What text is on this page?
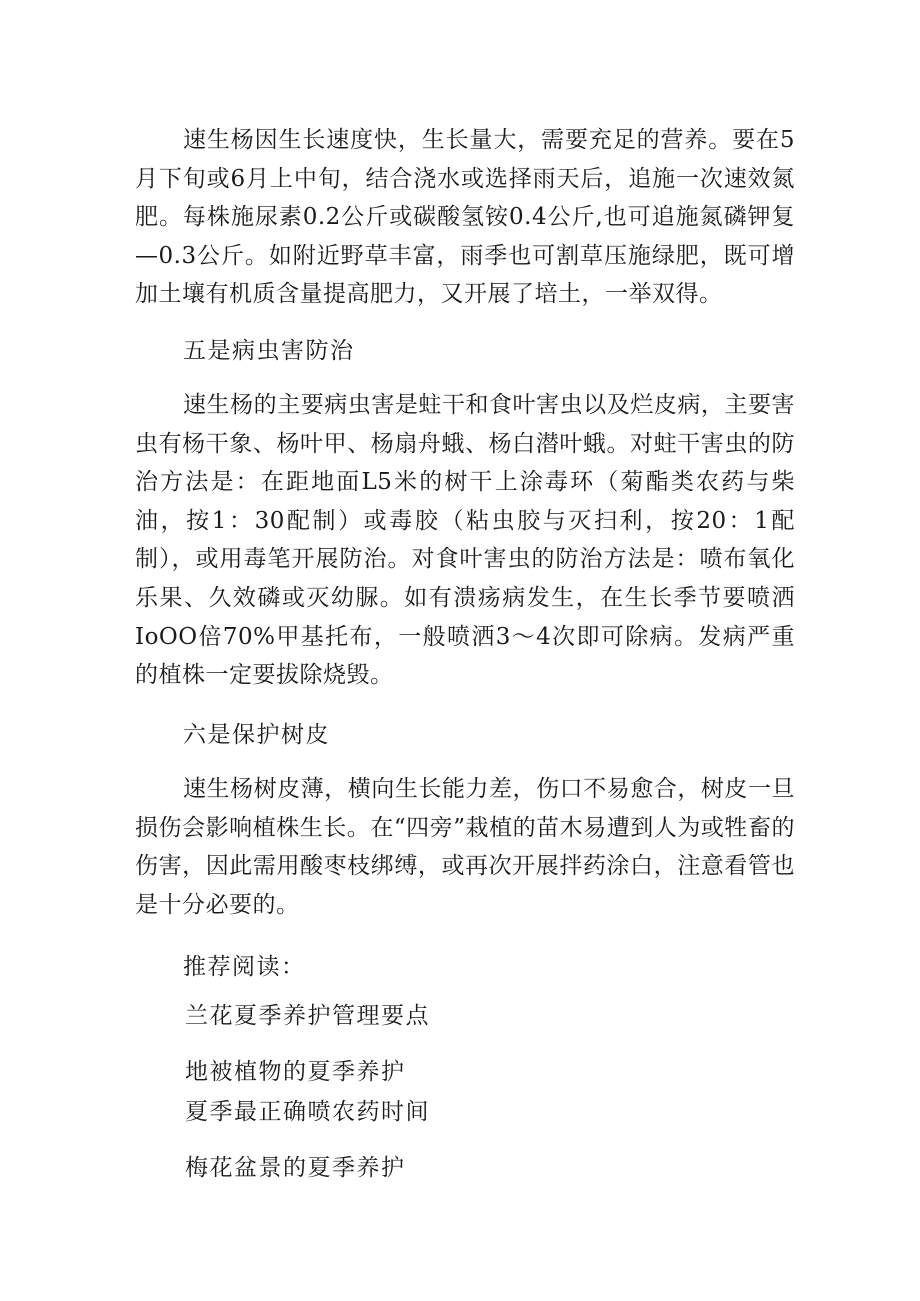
速生杨因生长速度快，生长量大，需要充足的营养。要在5月下旬或6月上中旬，结合浇水或选择雨天后，追施一次速效氮肥。每株施尿素0.2公斤或碳酸氢铵0.4公斤,也可追施氮磷钾复—0.3公斤。如附近野草丰富，雨季也可割草压施绿肥，既可增加土壤有机质含量提高肥力，又开展了培土，一举双得。

五是病虫害防治

速生杨的主要病虫害是蛀干和食叶害虫以及烂皮病，主要害虫有杨干象、杨叶甲、杨扇舟蛾、杨白潜叶蛾。对蛀干害虫的防治方法是：在距地面L5米的树干上涂毒环（菊酯类农药与柴油，按1：30配制）或毒胶（粘虫胶与灭扫利，按20：1配制），或用毒笔开展防治。对食叶害虫的防治方法是：喷布氧化乐果、久效磷或灭幼脲。如有溃疡病发生，在生长季节要喷洒IoOO倍70%甲基托布，一般喷洒3～4次即可除病。发病严重的植株一定要拔除烧毁。

六是保护树皮

速生杨树皮薄，横向生长能力差，伤口不易愈合，树皮一旦损伤会影响植株生长。在“四旁”栽植的苗木易遭到人为或牲畜的伤害，因此需用酸枣枝绑缚，或再次开展拌药涂白，注意看管也是十分必要的。

推荐阅读：

兰花夏季养护管理要点
地被植物的夏季养护
夏季最正确喷农药时间
梅花盆景的夏季养护
